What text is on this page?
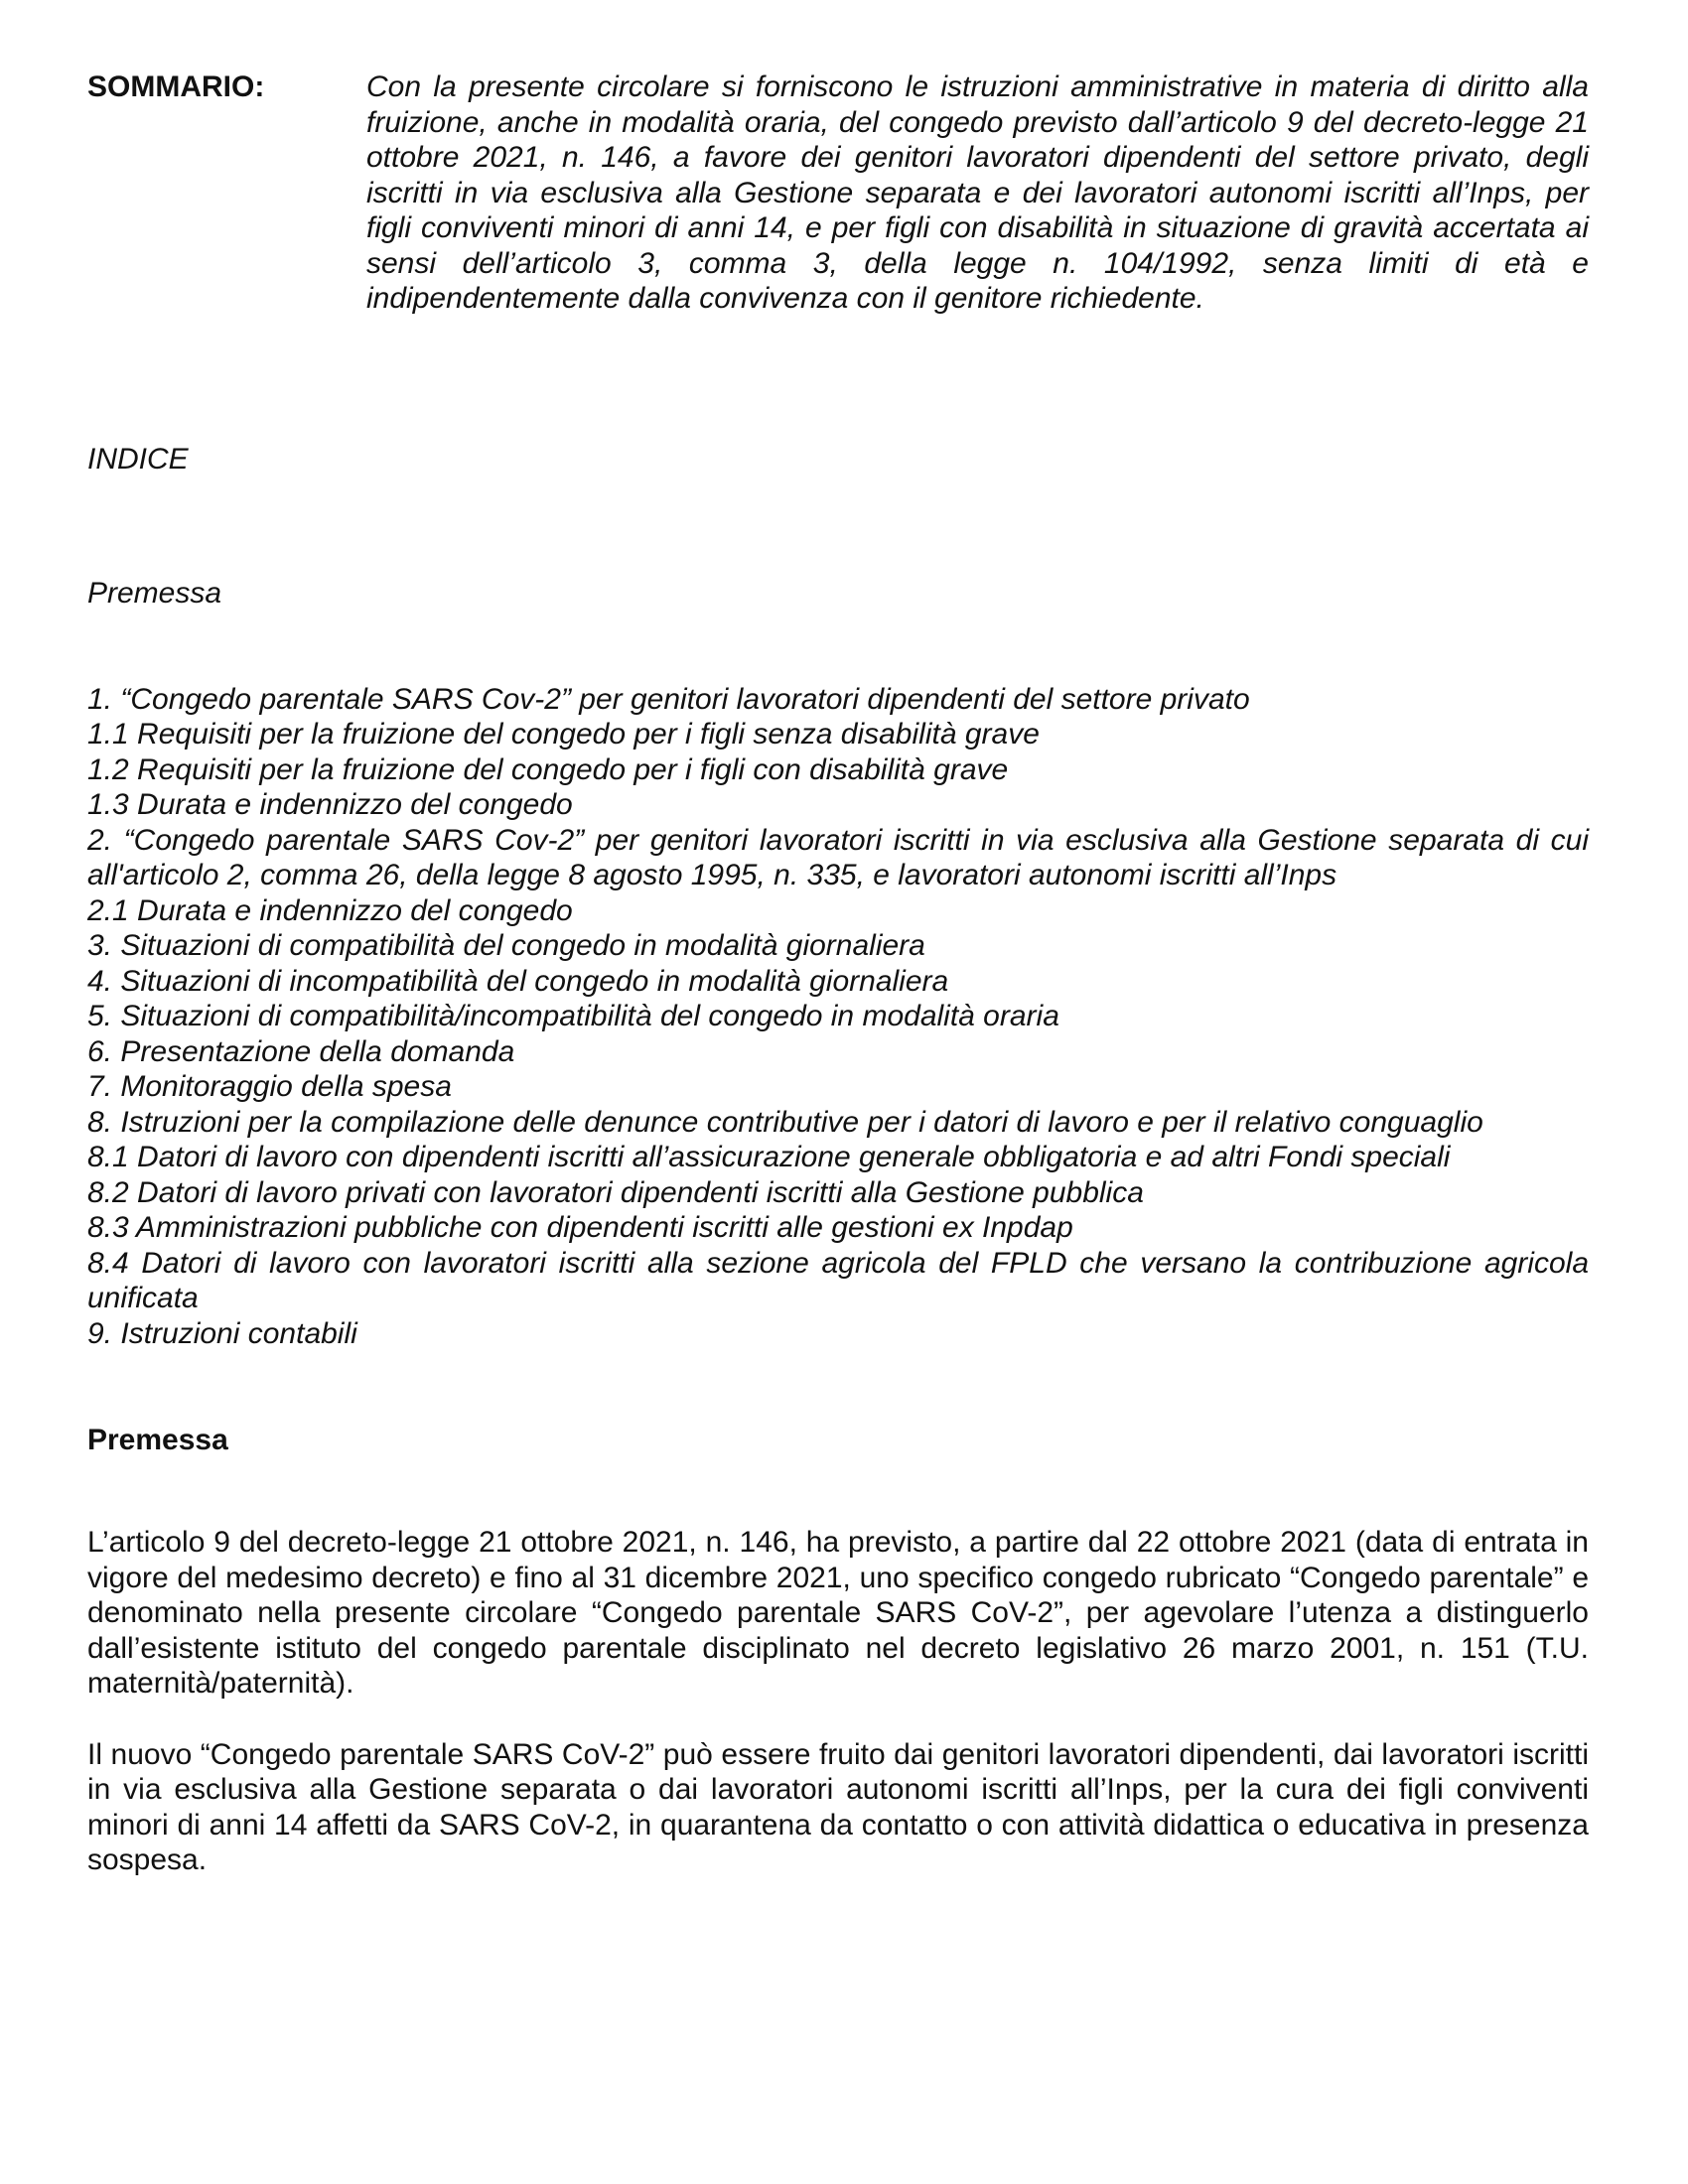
SOMMARIO:	Con la presente circolare si forniscono le istruzioni amministrative in materia di diritto alla fruizione, anche in modalità oraria, del congedo previsto dall’articolo 9 del decreto-legge 21 ottobre 2021, n. 146, a favore dei genitori lavoratori dipendenti del settore privato, degli iscritti in via esclusiva alla Gestione separata e dei lavoratori autonomi iscritti all’Inps, per figli conviventi minori di anni 14, e per figli con disabilità in situazione di gravità accertata ai sensi dell’articolo 3, comma 3, della legge n. 104/1992, senza limiti di età e indipendentemente dalla convivenza con il genitore richiedente.
INDICE
Premessa
1. “Congedo parentale SARS Cov-2” per genitori lavoratori dipendenti del settore privato
1.1 Requisiti per la fruizione del congedo per i figli senza disabilità grave
1.2 Requisiti per la fruizione del congedo per i figli con disabilità grave
1.3 Durata e indennizzo del congedo
2. “Congedo parentale SARS Cov-2” per genitori lavoratori iscritti in via esclusiva alla Gestione separata di cui all'articolo 2, comma 26, della legge 8 agosto 1995, n. 335, e lavoratori autonomi iscritti all’Inps
2.1 Durata e indennizzo del congedo
3. Situazioni di compatibilità del congedo in modalità giornaliera
4. Situazioni di incompatibilità del congedo in modalità giornaliera
5. Situazioni di compatibilità/incompatibilità del congedo in modalità oraria
6. Presentazione della domanda
7. Monitoraggio della spesa
8. Istruzioni per la compilazione delle denunce contributive per i datori di lavoro e per il relativo conguaglio
8.1 Datori di lavoro con dipendenti iscritti all’assicurazione generale obbligatoria e ad altri Fondi speciali
8.2 Datori di lavoro privati con lavoratori dipendenti iscritti alla Gestione pubblica
8.3 Amministrazioni pubbliche con dipendenti iscritti alle gestioni ex Inpdap
8.4 Datori di lavoro con lavoratori iscritti alla sezione agricola del FPLD che versano la contribuzione agricola unificata
9. Istruzioni contabili
Premessa

L’articolo 9 del decreto-legge 21 ottobre 2021, n. 146, ha previsto, a partire dal 22 ottobre 2021 (data di entrata in vigore del medesimo decreto) e fino al 31 dicembre 2021, uno specifico congedo rubricato “Congedo parentale” e denominato nella presente circolare “Congedo parentale SARS CoV-2”, per agevolare l’utenza a distinguerlo dall’esistente istituto del congedo parentale disciplinato nel decreto legislativo 26 marzo 2001, n. 151 (T.U. maternità/paternità).

Il nuovo “Congedo parentale SARS CoV-2” può essere fruito dai genitori lavoratori dipendenti, dai lavoratori iscritti in via esclusiva alla Gestione separata o dai lavoratori autonomi iscritti all’Inps, per la cura dei figli conviventi minori di anni 14 affetti da SARS CoV-2, in quarantena da contatto o con attività didattica o educativa in presenza sospesa.
